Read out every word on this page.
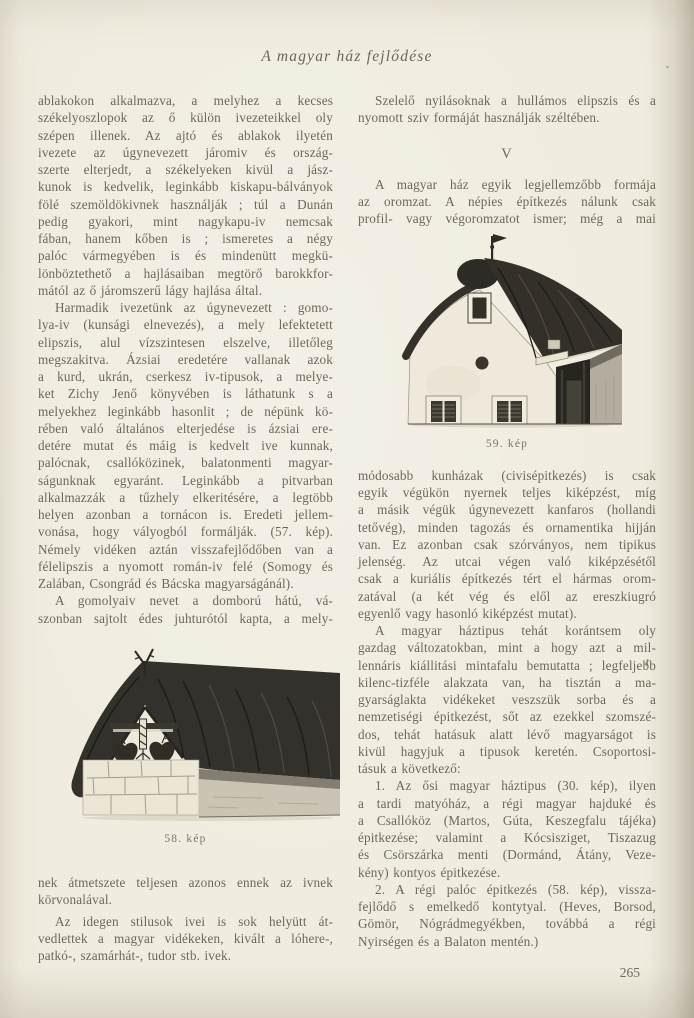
A magyar ház fejlődése
ablakokon alkalmazva, a melyhez a kecses
székelyoszlopok az ő külön ivezeteikkel oly
szépen illenek. Az ajtó és ablakok ilyetén
ivezete az úgynevezett járomiv és ország-
szerte elterjedt, a székelyeken kivül a jász-
kunok is kedvelik, leginkább kiskapu-bálványok
fölé szemöldökivnek használják ; túl a Dunán
pedig gyakori, mint nagykapu-iv nemcsak
fában, hanem kőben is ; ismeretes a négy
palóc vármegyében is és mindenütt megkü-
lönböztethető a hajlásaiban megtörő barokkfor-
mától az ő járomszerű lágy hajlása által.
Harmadik ivezetünk az úgynevezett : gomo-
lya-iv (kunsági elnevezés), a mely lefektetett
elipszis, alul vízszintesen elszelve, illetőleg
megszakitva. Ázsiai eredetére vallanak azok
a kurd, ukrán, cserkesz iv-tipusok, a melye-
ket Zichy Jenő könyvében is láthatunk s a
melyekhez leginkább hasonlit ; de népünk kö-
rében való általános elterjedése is ázsiai ere-
detére mutat és máig is kedvelt ive kunnak,
palócnak, csallóközinek, balatonmenti magyar-
ságunknak egyaránt. Leginkább a pitvarban
alkalmazzák a tűzhely elkeritésére, a legtöbb
helyen azonban a tornácon is. Eredeti jellem-
vonása, hogy vályogból formálják. (57. kép).
Némely vidéken aztán visszafejlődőben van a
félelipszis a nyomott román-iv felé (Somogy és
Zalában, Csongrád és Bácska magyarságánál).
A gomolyaiv nevet a domború hátú, vá-
szonban sajtolt édes juhturótól kapta, a mely-
58. kép
nek átmetszete teljesen azonos ennek az ivnek
körvonalával.
Az idegen stilusok ivei is sok helyütt át-
vedlettek a magyar vidékeken, kivált a lóhere-,
patkó-, szamárhát-, tudor stb. ivek.
Szelelő nyilásoknak a hullámos elipszis és a
nyomott sziv formáját használják széltében.
V
A magyar ház egyik legjellemzőbb formája
az oromzat. A népies építkezés nálunk csak
profil- vagy végoromzatot ismer; még a mai
59. kép
módosabb kunházak (civisépitkezés) is csak
egyik végükön nyernek teljes kiképzést, míg
a másik végük úgynevezett kanfaros (hollandi
tetővég), minden tagozás és ornamentika hijján
van. Ez azonban csak szórványos, nem tipikus
jelenség. Az utcai végen való kiképzésétől
csak a kuriális építkezés tért el hármas orom-
zatával (a két vég és elől az ereszkiugró
egyenlő vagy hasonló kiképzést mutat).
A magyar háztipus tehát korántsem oly
gazdag változatokban, mint a hogy azt a mil-
lennáris kiállitási mintafalu bemutatta ; legfeljebb
kilenc-tizféle alakzata van, ha tisztán a ma-
gyarságlakta vidékeket veszszük sorba és a
nemzetiségi épitkezést, sőt az ezekkel szomszé-
dos, tehát hatásuk alatt lévő magyarságot is
kivül hagyjuk a tipusok keretén. Csoportosi-
tásuk a következő:
1. Az ősi magyar háztipus (30. kép), ilyen
a tardi matyóház, a régi magyar hajduké és
a Csallóköz (Martos, Gúta, Keszegfalu tájéka)
épitkezése; valamint a Kócsisziget, Tiszazug
és Csörszárka menti (Dormánd, Átány, Veze-
kény) kontyos épitkezése.
2. A régi palóc épitkezés (58. kép), vissza-
fejlődő s emelkedő kontytyal. (Heves, Borsod,
Gömör, Nógrádmegyékben, továbbá a régi
Nyirségen és a Balaton mentén.)
265
